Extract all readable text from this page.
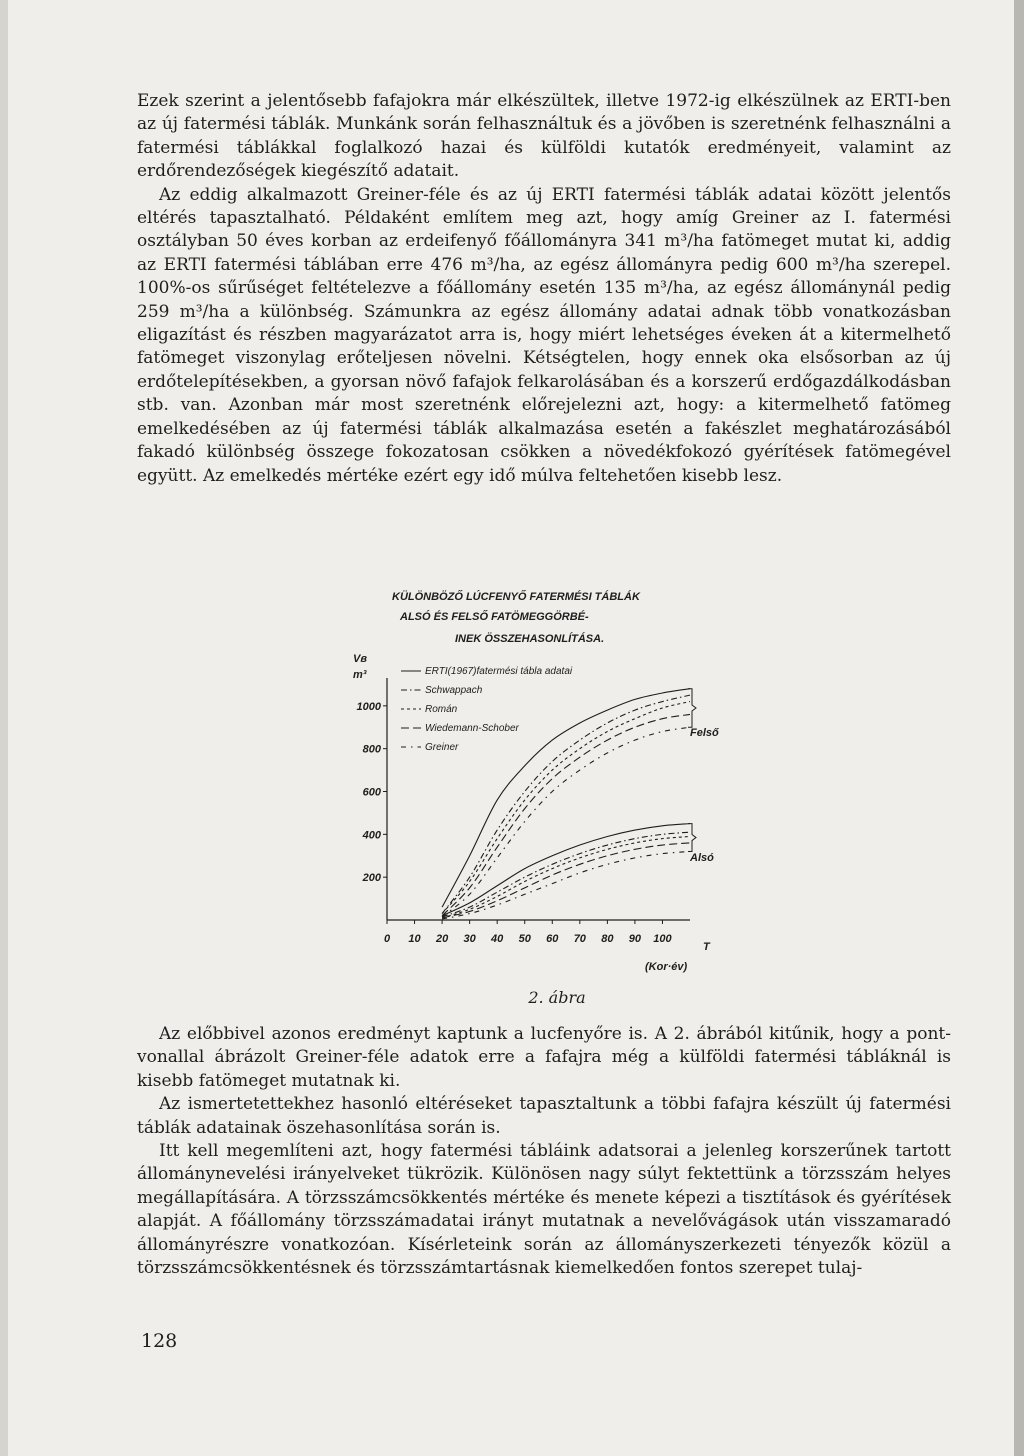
Ezek szerint a jelentősebb fafajokra már elkészültek, illetve 1972-ig elkészülnek az ERTI-ben az új fatermési táblák. Munkánk során felhasználtuk és a jövőben is szeretnénk felhasználni a fatermési táblákkal foglalkozó hazai és külföldi kutatók eredményeit, valamint az erdőrendezőségek kiegészítő adatait.

Az eddig alkalmazott Greiner-féle és az új ERTI fatermési táblák adatai között jelentős eltérés tapasztalható. Példaként említem meg azt, hogy amíg Greiner az I. fatermési osztályban 50 éves korban az erdeifenyő főállományra 341 m³/ha fatömeget mutat ki, addig az ERTI fatermési táblában erre 476 m³/ha, az egész állományra pedig 600 m³/ha szerepel. 100%-os sűrűséget feltételezve a főállomány esetén 135 m³/ha, az egész állománynál pedig 259 m³/ha a különbség. Számunkra az egész állomány adatai adnak több vonatkozásban eligazítást és részben magyarázatot arra is, hogy miért lehetséges éveken át a kitermelhető fatömeget viszonylag erőteljesen növelni. Kétségtelen, hogy ennek oka elsősorban az új erdőtelepítésekben, a gyorsan növő fafajok felkarolásában és a korszerű erdőgazdálkodásban stb. van. Azonban már most szeretnénk előrejelezni azt, hogy: a kitermelhető fatömeg emelkedésében az új fatermési táblák alkalmazása esetén a fakészlet meghatározásából fakadó különbség összege fokozatosan csökken a növedékfokozó gyérítések fatömegével együtt. Az emelkedés mértéke ezért egy idő múlva feltehetően kisebb lesz.

KÜLÖNBÖZŐ LÚCFENYŐ FATERMÉSI TÁBLÁK
ALSÓ ÉS FELSŐ FATÖMEGGÖRBÉ-
INEK ÖSSZEHASONLÍTÁSA.
Vв
m³
T
(Kor·év)
Felső
Alsó
0 10 20 30 40 50 60 70 80 90 100
200
400
600
800
1000
ERTI(1967)fatermési tábla adatai
Schwappach
Román
Wiedemann-Schober
Greiner
2. ábra

Az előbbivel azonos eredményt kaptunk a lucfenyőre is. A 2. ábrából kitűnik, hogy a pont-vonallal ábrázolt Greiner-féle adatok erre a fafajra még a külföldi fatermési tábláknál is kisebb fatömeget mutatnak ki.

Az ismertetettekhez hasonló eltéréseket tapasztaltunk a többi fafajra készült új fatermési táblák adatainak öszehasonlítása során is.

Itt kell megemlíteni azt, hogy fatermési tábláink adatsorai a jelenleg korszerűnek tartott állománynevelési irányelveket tükrözik. Különösen nagy súlyt fektettünk a törzsszám helyes megállapítására. A törzsszámcsökkentés mértéke és menete képezi a tisztítások és gyérítések alapját. A főállomány törzsszámadatai irányt mutatnak a nevelővágások után visszamaradó állományrészre vonatkozóan. Kísérleteink során az állományszerkezeti tényezők közül a törzsszámcsökkentésnek és törzsszámtartásnak kiemelkedően fontos szerepet tulaj-

128
